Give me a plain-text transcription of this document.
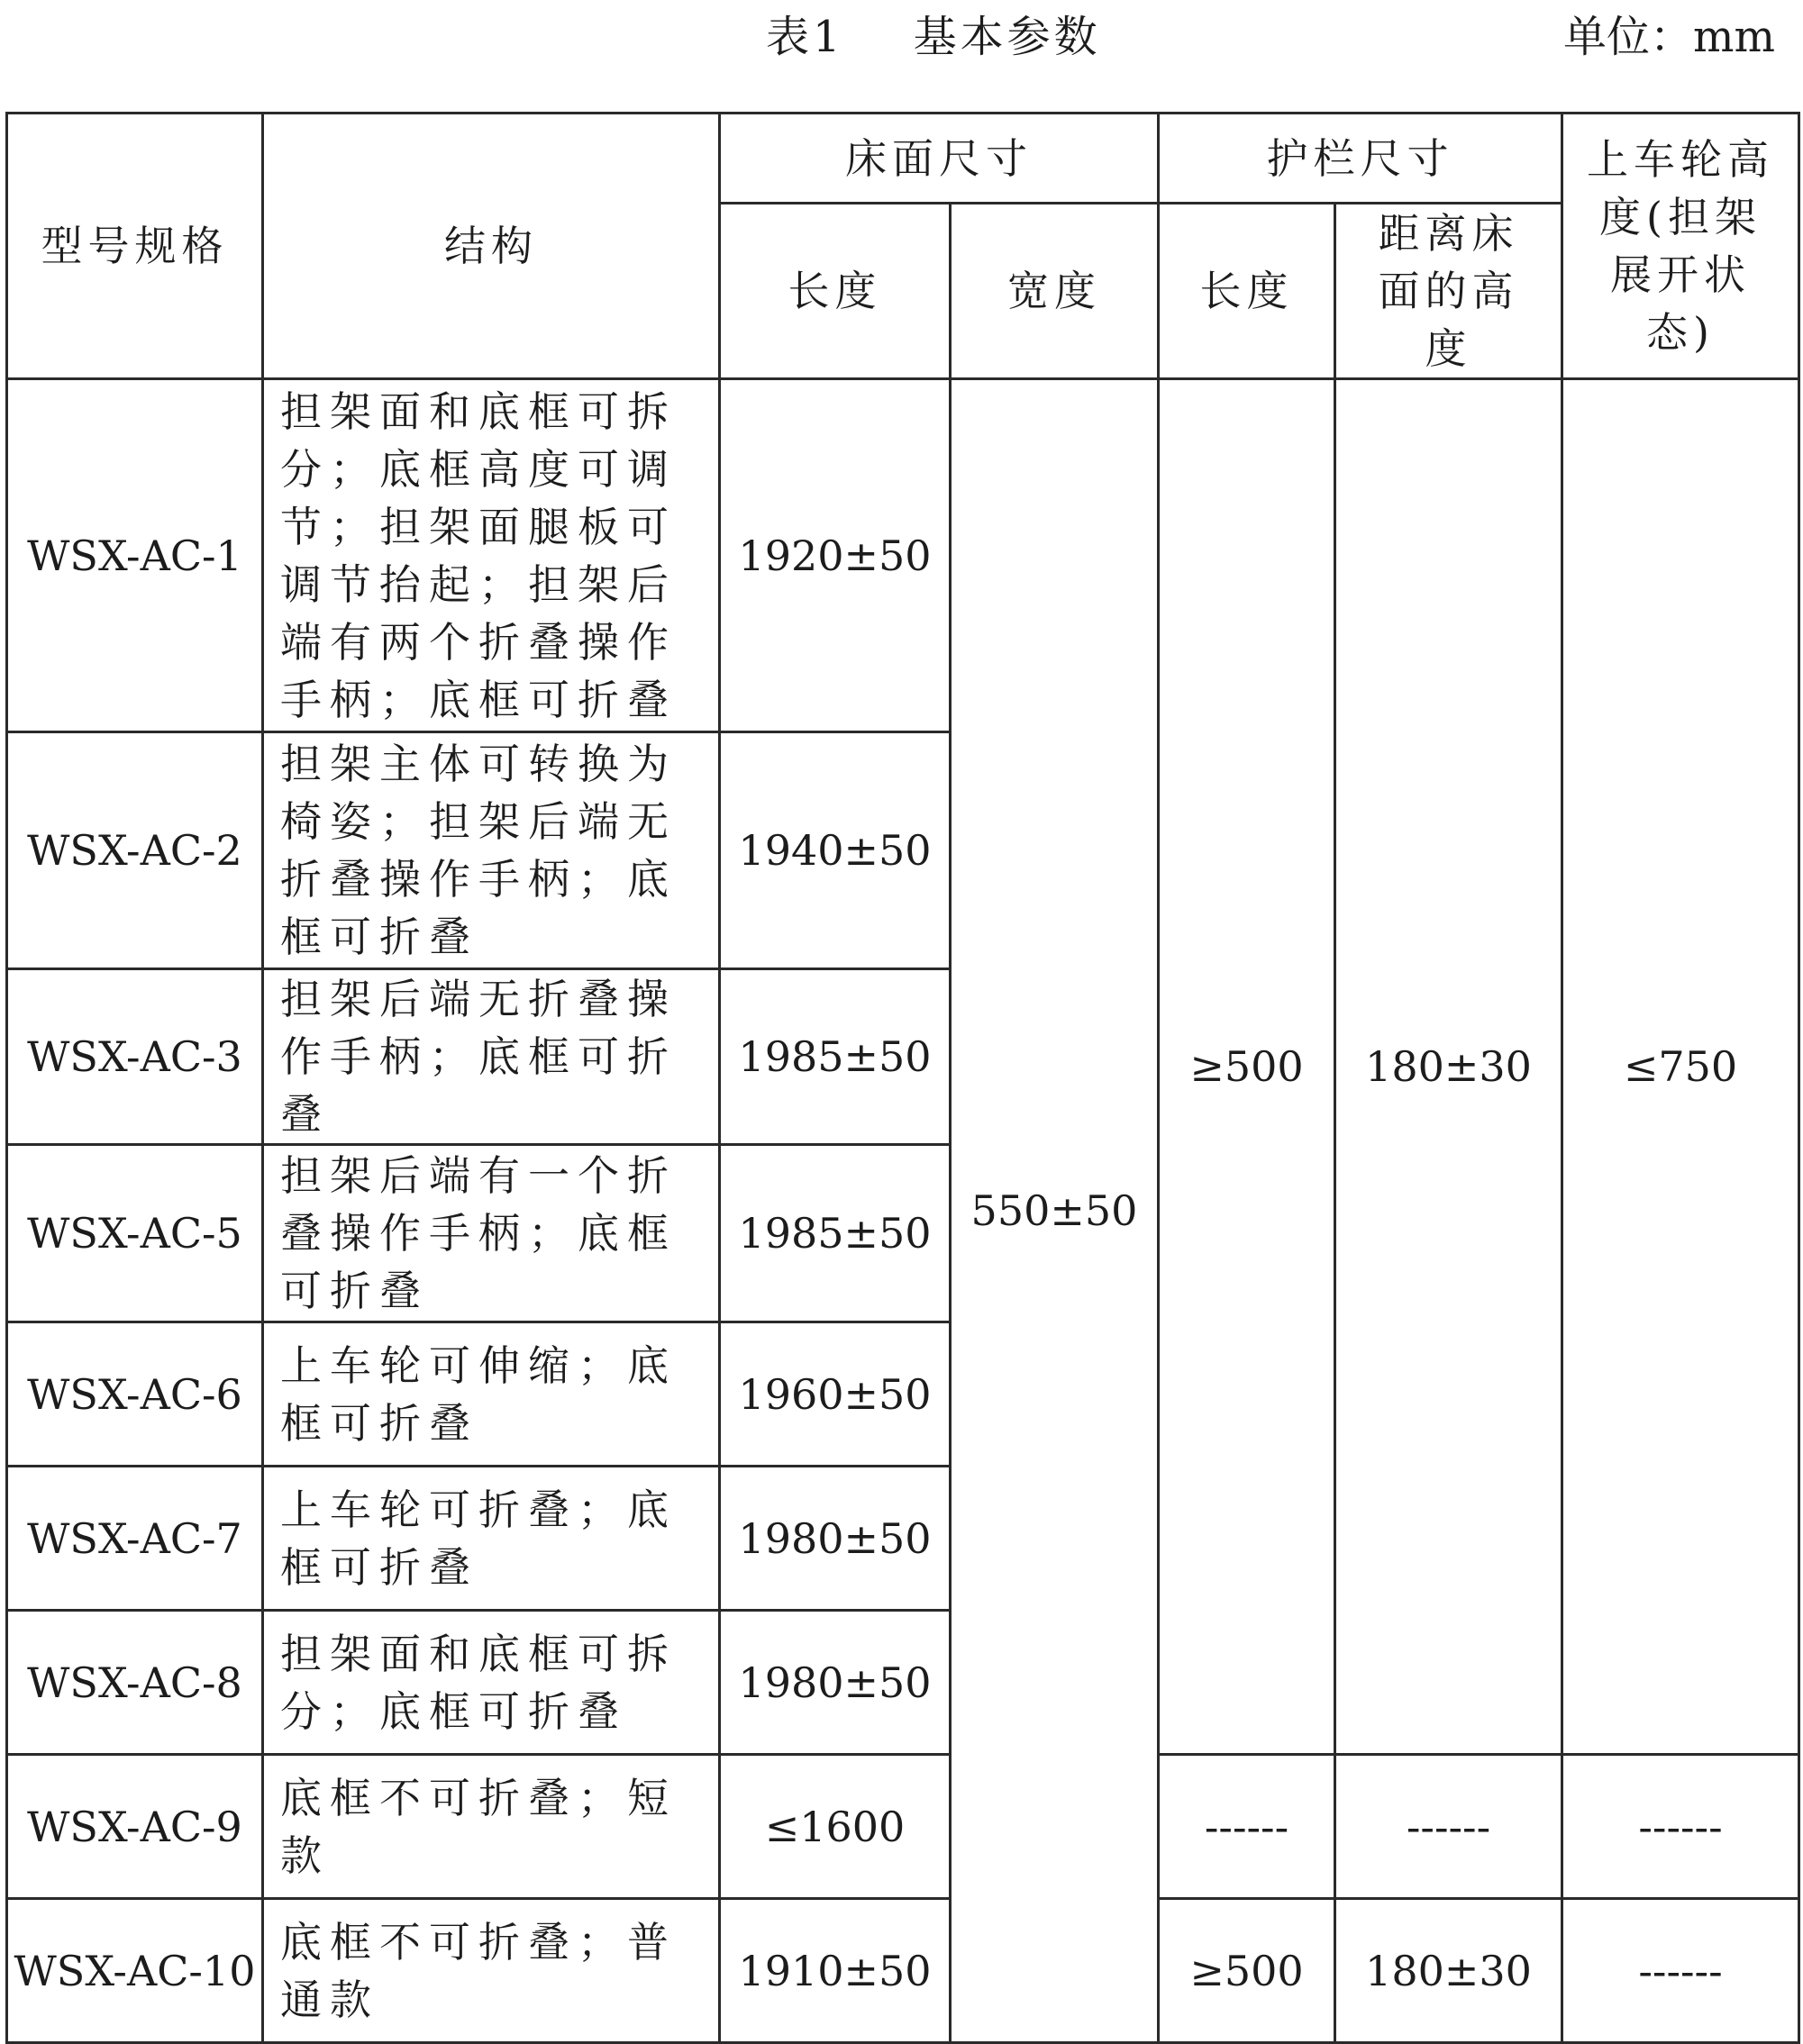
表1    基本参数	单位：mm
型号规格	结构	床面尺寸		护栏尺寸		上车轮高度(担架展开状态)
		长度	宽度	长度	距离床面的高度	
WSX-AC-1	担架面和底框可拆分；底框高度可调节；担架面腿板可调节抬起；担架后端有两个折叠操作手柄；底框可折叠	1920±50	550±50	≥500	180±30	≤750
WSX-AC-2	担架主体可转换为椅姿；担架后端无折叠操作手柄；底框可折叠	1940±50				
WSX-AC-3	担架后端无折叠操作手柄；底框可折叠	1985±50				
WSX-AC-5	担架后端有一个折叠操作手柄；底框可折叠	1985±50				
WSX-AC-6	上车轮可伸缩；底框可折叠	1960±50				
WSX-AC-7	上车轮可折叠；底框可折叠	1980±50				
WSX-AC-8	担架面和底框可拆分；底框可折叠	1980±50				
WSX-AC-9	底框不可折叠；短款	≤1600		------	------	------
WSX-AC-10	底框不可折叠；普通款	1910±50		≥500	180±30	------
